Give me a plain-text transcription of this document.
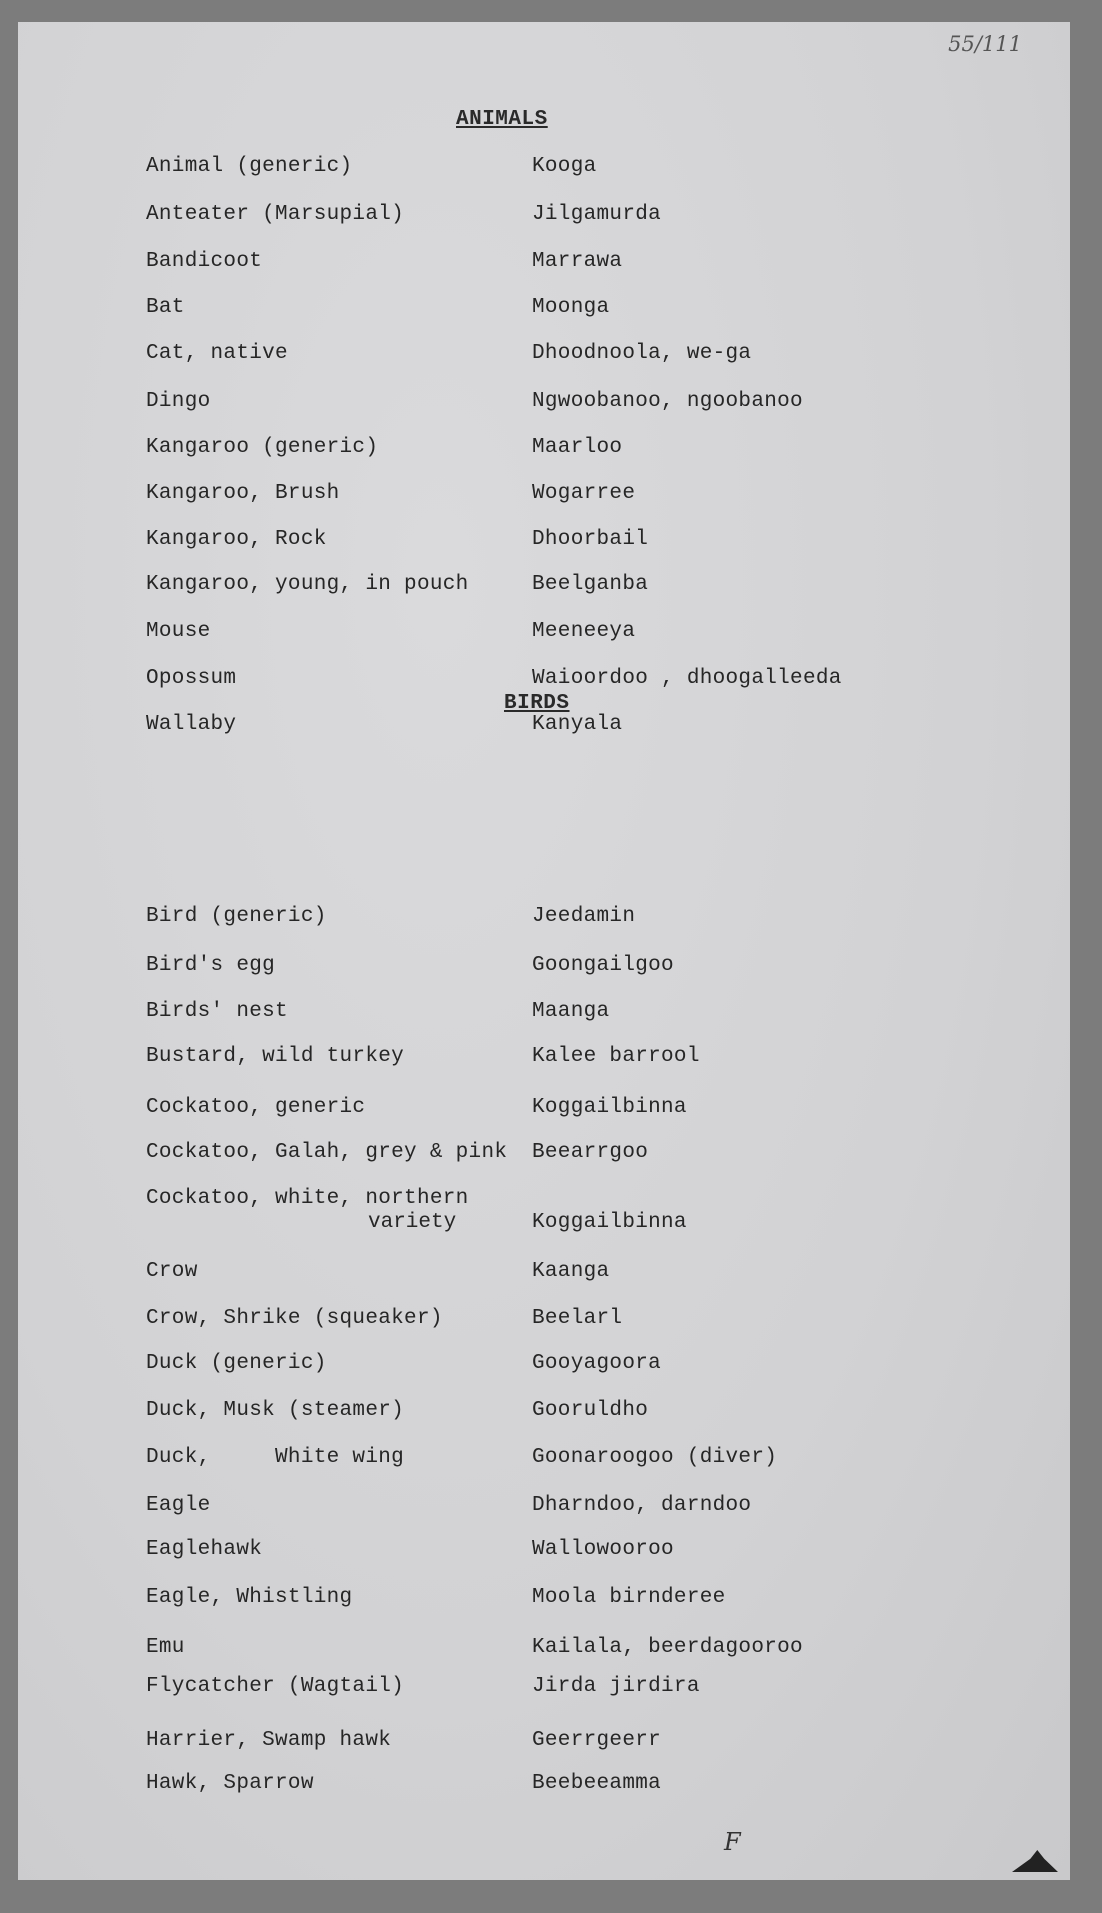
55/111
ANIMALS
Animal (generic)	Kooga
Anteater (Marsupial)	Jilgamurda
Bandicoot	Marrawa
Bat	Moonga
Cat, native	Dhoodnoola, we-ga
Dingo	Ngwoobanoo, ngoobanoo
Kangaroo (generic)	Maarloo
Kangaroo, Brush	Wogarree
Kangaroo, Rock	Dhoorbail
Kangaroo, young, in pouch	Beelganba
Mouse	Meeneeya
Opossum	Waioordoo , dhoogalleeda
Wallaby	Kanyala
BIRDS
Bird (generic)	Jeedamin
Bird's egg	Goongailgoo
Birds' nest	Maanga
Bustard, wild turkey	Kalee barrool
Cockatoo, generic	Koggailbinna
Cockatoo, Galah, grey & pink Beearrgoo
Cockatoo, white, northern
variety	Koggailbinna
Crow	Kaanga
Crow, Shrike (squeaker)	Beelarl
Duck (generic)	Gooyagoora
Duck, Musk (steamer)	Gooruldho
Duck,     White wing	Goonaroogoo (diver)
Eagle	Dharndoo, darndoo
Eaglehawk	Wallowooroo
Eagle, Whistling	Moola birnderee
Emu	Kailala, beerdagooroo
Flycatcher (Wagtail)	Jirda jirdira
Harrier, Swamp hawk	Geerrgeerr
Hawk, Sparrow	Beebeeamma
F
